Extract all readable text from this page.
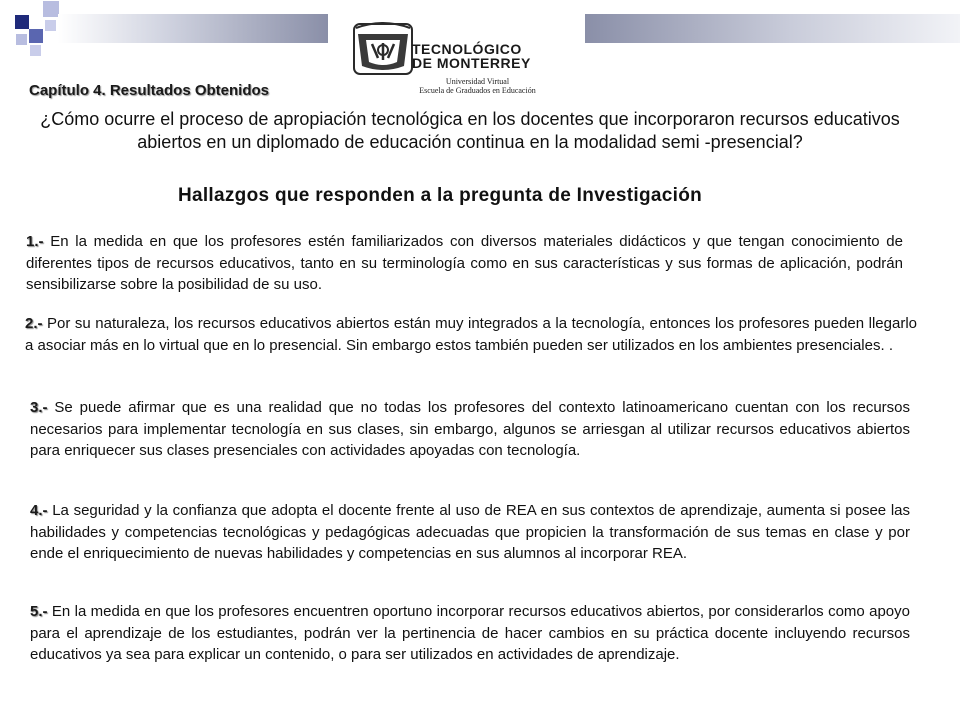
TECNOLÓGICO
DE MONTERREY
Universidad Virtual
Escuela de Graduados en Educación
Capítulo 4. Resultados Obtenidos
¿Cómo ocurre el proceso de apropiación tecnológica en los docentes que incorporaron recursos educativos abiertos en un diplomado de educación continua en la modalidad semi -presencial?
Hallazgos que responden a la pregunta de Investigación
1.- En la medida en que los profesores estén familiarizados con diversos materiales didácticos y que tengan conocimiento de diferentes tipos de recursos educativos, tanto en su terminología como en sus características y sus formas de aplicación, podrán sensibilizarse sobre la posibilidad de su uso.
2.- Por su naturaleza, los recursos educativos abiertos están muy integrados a la tecnología, entonces los profesores pueden llegarlo a asociar más en lo virtual que en lo presencial. Sin embargo estos también pueden ser utilizados en los ambientes presenciales. .
3.- Se puede afirmar que es una realidad que no todas los profesores del contexto latinoamericano cuentan con los recursos necesarios para implementar tecnología en sus clases, sin embargo, algunos se arriesgan al utilizar recursos educativos abiertos para enriquecer sus clases presenciales con actividades apoyadas con tecnología.
4.- La seguridad y la confianza que adopta el docente frente al uso de REA en sus contextos de aprendizaje, aumenta si posee las habilidades y competencias tecnológicas y pedagógicas adecuadas que propicien la transformación de sus temas en clase y por ende el enriquecimiento de nuevas habilidades y competencias en sus alumnos al incorporar REA.
5.- En la medida en que los profesores encuentren oportuno incorporar recursos educativos abiertos, por considerarlos como apoyo para el aprendizaje de los estudiantes, podrán ver la pertinencia de hacer cambios en su práctica docente incluyendo recursos educativos ya sea para explicar un contenido, o para ser utilizados en actividades de aprendizaje.
